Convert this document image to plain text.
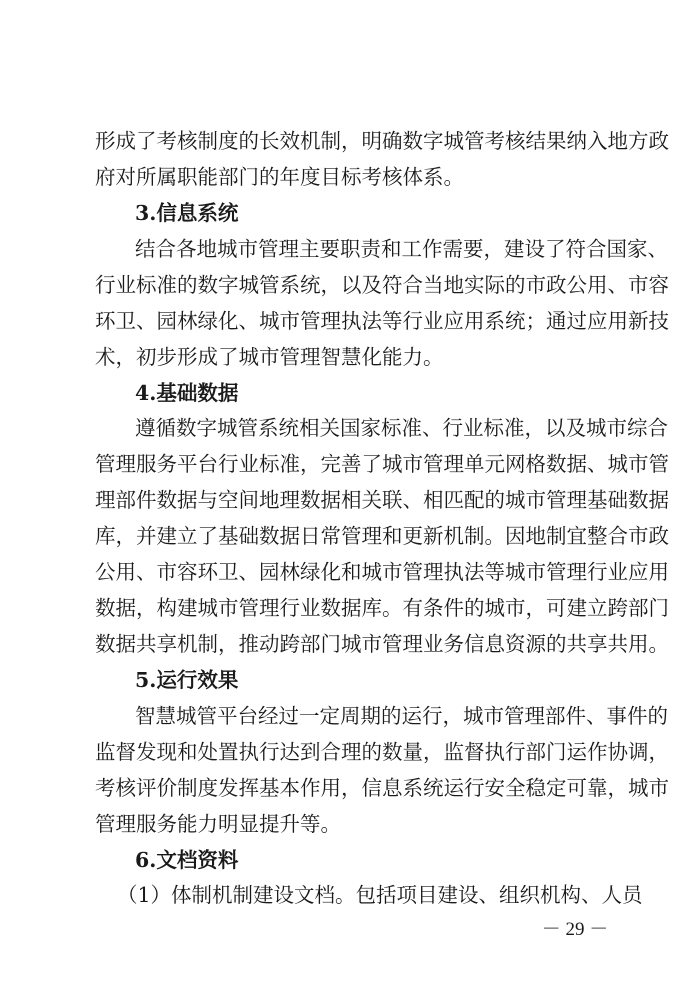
形成了考核制度的长效机制，明确数字城管考核结果纳入地方政
府对所属职能部门的年度目标考核体系。
3.信息系统
结合各地城市管理主要职责和工作需要，建设了符合国家、
行业标准的数字城管系统，以及符合当地实际的市政公用、市容
环卫、园林绿化、城市管理执法等行业应用系统；通过应用新技
术，初步形成了城市管理智慧化能力。
4.基础数据
遵循数字城管系统相关国家标准、行业标准，以及城市综合
管理服务平台行业标准，完善了城市管理单元网格数据、城市管
理部件数据与空间地理数据相关联、相匹配的城市管理基础数据
库，并建立了基础数据日常管理和更新机制。因地制宜整合市政
公用、市容环卫、园林绿化和城市管理执法等城市管理行业应用
数据，构建城市管理行业数据库。有条件的城市，可建立跨部门
数据共享机制，推动跨部门城市管理业务信息资源的共享共用。
5.运行效果
智慧城管平台经过一定周期的运行，城市管理部件、事件的
监督发现和处置执行达到合理的数量，监督执行部门运作协调，
考核评价制度发挥基本作用，信息系统运行安全稳定可靠，城市
管理服务能力明显提升等。
6.文档资料
（1）体制机制建设文档。包括项目建设、组织机构、人员
－ 29 －
